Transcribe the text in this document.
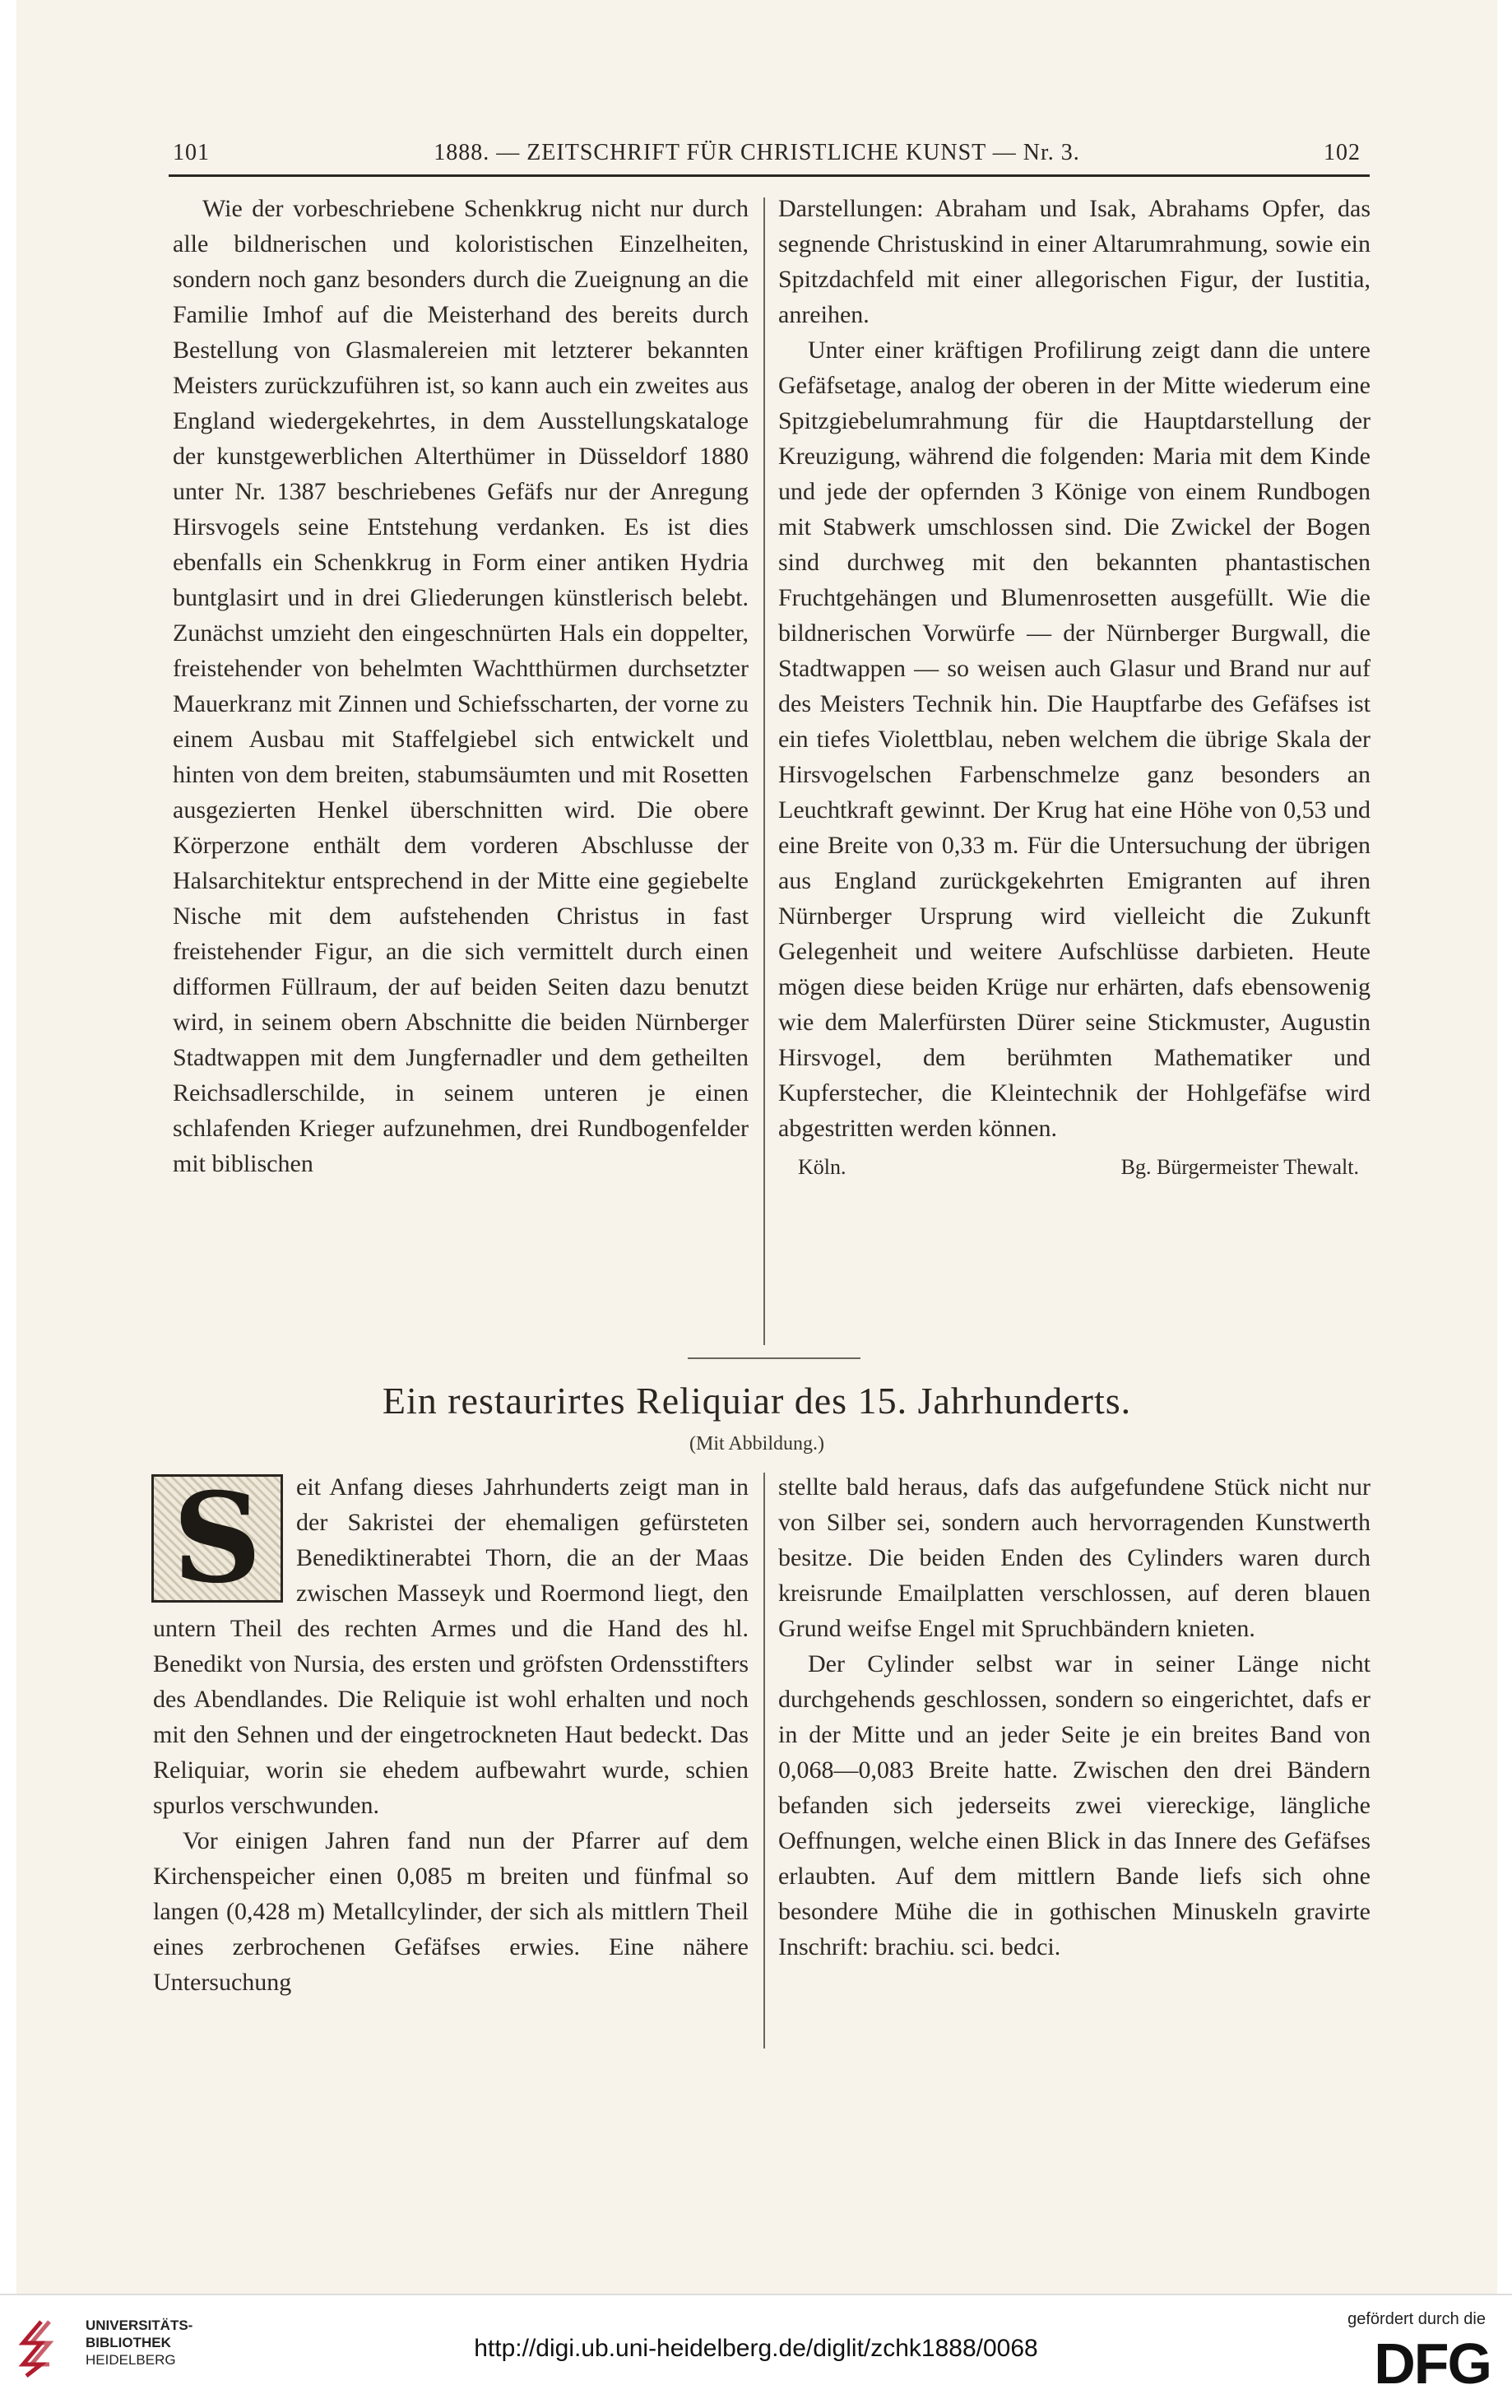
101	1888. — ZEITSCHRIFT FÜR CHRISTLICHE KUNST — Nr. 3.	102

Wie der vorbeschriebene Schenkkrug nicht nur durch alle bildnerischen und koloristischen Einzelheiten, sondern noch ganz besonders durch die Zueignung an die Familie Imhof auf die Meisterhand des bereits durch Bestellung von Glasmalereien mit letzterer bekannten Meisters zurückzuführen ist, so kann auch ein zweites aus England wiedergekehrtes, in dem Ausstellungskataloge der kunstgewerblichen Alterthümer in Düsseldorf 1880 unter Nr. 1387 beschriebenes Gefäfs nur der Anregung Hirsvogels seine Entstehung verdanken. Es ist dies ebenfalls ein Schenkkrug in Form einer antiken Hydria buntglasirt und in drei Gliederungen künstlerisch belebt. Zunächst umzieht den eingeschnürten Hals ein doppelter, freistehender von behelmten Wachtthürmen durchsetzter Mauerkranz mit Zinnen und Schiefsscharten, der vorne zu einem Ausbau mit Staffelgiebel sich entwickelt und hinten von dem breiten, stabumsäumten und mit Rosetten ausgezierten Henkel überschnitten wird. Die obere Körperzone enthält dem vorderen Abschlusse der Halsarchitektur entsprechend in der Mitte eine gegiebelte Nische mit dem aufstehenden Christus in fast freistehender Figur, an die sich vermittelt durch einen difformen Füllraum, der auf beiden Seiten dazu benutzt wird, in seinem obern Abschnitte die beiden Nürnberger Stadtwappen mit dem Jungfernadler und dem getheilten Reichsadlerschilde, in seinem unteren je einen schlafenden Krieger aufzunehmen, drei Rundbogenfelder mit biblischen

Darstellungen: Abraham und Isak, Abrahams Opfer, das segnende Christuskind in einer Altarumrahmung, sowie ein Spitzdachfeld mit einer allegorischen Figur, der Iustitia, anreihen.

Unter einer kräftigen Profilirung zeigt dann die untere Gefäfsetage, analog der oberen in der Mitte wiederum eine Spitzgiebelumrahmung für die Hauptdarstellung der Kreuzigung, während die folgenden: Maria mit dem Kinde und jede der opfernden 3 Könige von einem Rundbogen mit Stabwerk umschlossen sind. Die Zwickel der Bogen sind durchweg mit den bekannten phantastischen Fruchtgehängen und Blumenrosetten ausgefüllt. Wie die bildnerischen Vorwürfe — der Nürnberger Burgwall, die Stadtwappen — so weisen auch Glasur und Brand nur auf des Meisters Technik hin. Die Hauptfarbe des Gefäfses ist ein tiefes Violettblau, neben welchem die übrige Skala der Hirsvogelschen Farbenschmelze ganz besonders an Leuchtkraft gewinnt. Der Krug hat eine Höhe von 0,53 und eine Breite von 0,33 m. Für die Untersuchung der übrigen aus England zurückgekehrten Emigranten auf ihren Nürnberger Ursprung wird vielleicht die Zukunft Gelegenheit und weitere Aufschlüsse darbieten. Heute mögen diese beiden Krüge nur erhärten, dafs ebensowenig wie dem Malerfürsten Dürer seine Stickmuster, Augustin Hirsvogel, dem berühmten Mathematiker und Kupferstecher, die Kleintechnik der Hohlgefäfse wird abgestritten werden können.

Köln.	Bg. Bürgermeister Thewalt.
Ein restaurirtes Reliquiar des 15. Jahrhunderts.
(Mit Abbildung.)
S	eit Anfang dieses Jahrhunderts zeigt man in der Sakristei der ehemaligen gefürsteten Benediktinerabtei Thorn, die an der Maas zwischen Masseyk und Roermond liegt, den untern Theil des rechten Armes und die Hand des hl. Benedikt von Nursia, des ersten und gröfsten Ordensstifters des Abendlandes. Die Reliquie ist wohl erhalten und noch mit den Sehnen und der eingetrockneten Haut bedeckt. Das Reliquiar, worin sie ehedem aufbewahrt wurde, schien spurlos verschwunden.

Vor einigen Jahren fand nun der Pfarrer auf dem Kirchenspeicher einen 0,085 m breiten und fünfmal so langen (0,428 m) Metallcylinder, der sich als mittlern Theil eines zerbrochenen Gefäfses erwies. Eine nähere Untersuchung

stellte bald heraus, dafs das aufgefundene Stück nicht nur von Silber sei, sondern auch hervorragenden Kunstwerth besitze. Die beiden Enden des Cylinders waren durch kreisrunde Emailplatten verschlossen, auf deren blauen Grund weifse Engel mit Spruchbändern knieten.

Der Cylinder selbst war in seiner Länge nicht durchgehends geschlossen, sondern so eingerichtet, dafs er in der Mitte und an jeder Seite je ein breites Band von 0,068—0,083 Breite hatte. Zwischen den drei Bändern befanden sich jederseits zwei viereckige, längliche Oeffnungen, welche einen Blick in das Innere des Gefäfses erlaubten. Auf dem mittlern Bande liefs sich ohne besondere Mühe die in gothischen Minuskeln gravirte Inschrift: brachiu. sci. bedci.

UNIVERSITÄTS-
BIBLIOTHEK
HEIDELBERG	http://digi.ub.uni-heidelberg.de/diglit/zchk1888/0068
gefördert durch die
DFG
